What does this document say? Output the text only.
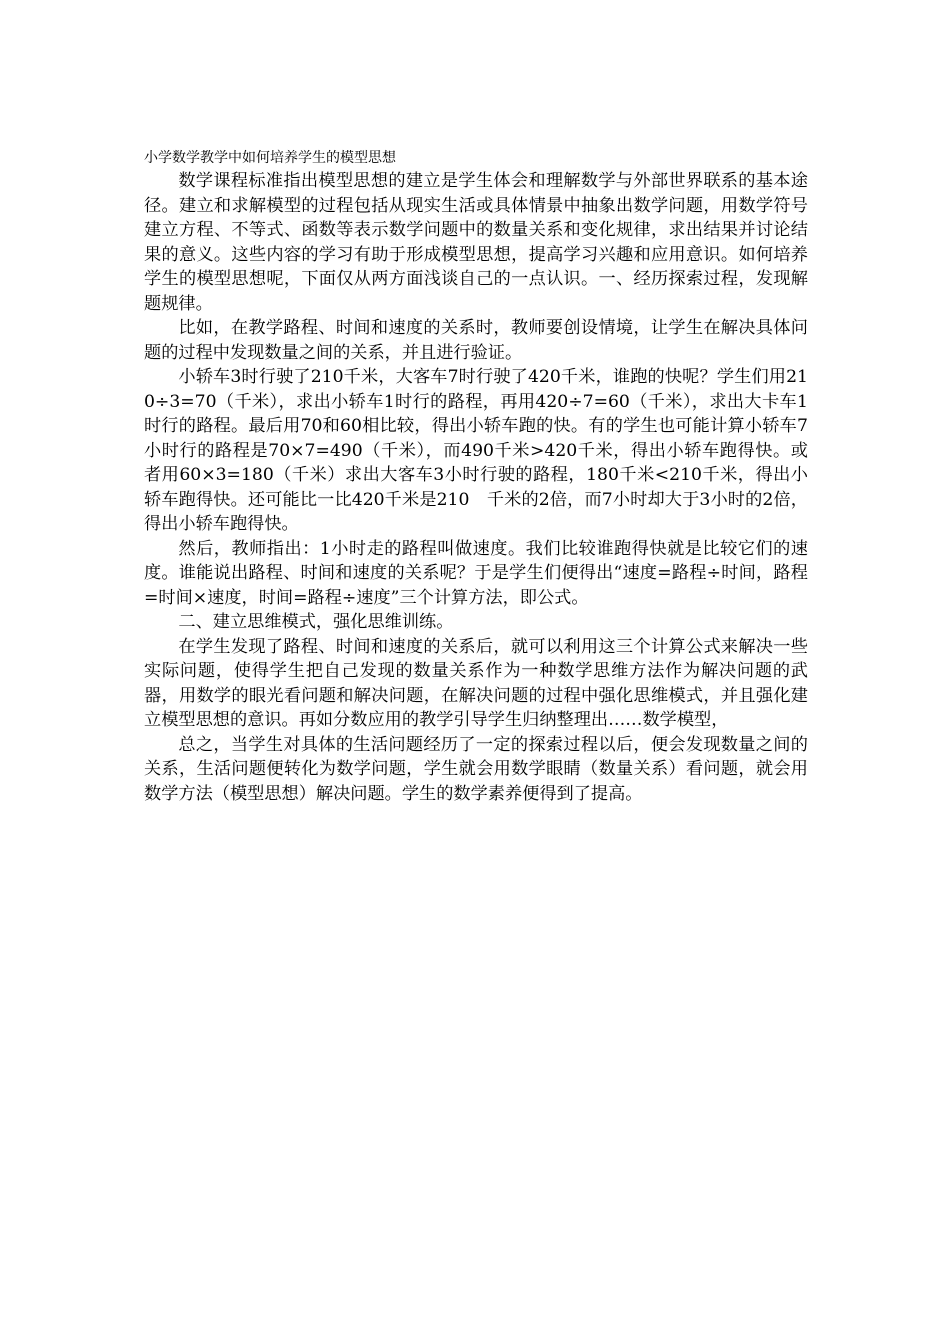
小学数学教学中如何培养学生的模型思想

数学课程标准指出模型思想的建立是学生体会和理解数学与外部世界联系的基本途径。建立和求解模型的过程包括从现实生活或具体情景中抽象出数学问题，用数学符号建立方程、不等式、函数等表示数学问题中的数量关系和变化规律，求出结果并讨论结果的意义。这些内容的学习有助于形成模型思想，提高学习兴趣和应用意识。如何培养学生的模型思想呢，下面仅从两方面浅谈自己的一点认识。一、经历探索过程，发现解题规律。

比如，在教学路程、时间和速度的关系时，教师要创设情境，让学生在解决具体问题的过程中发现数量之间的关系，并且进行验证。

小轿车3时行驶了210千米，大客车7时行驶了420千米，谁跑的快呢？学生们用210÷3=70（千米），求出小轿车1时行的路程，再用420÷7=60（千米），求出大卡车1时行的路程。最后用70和60相比较，得出小轿车跑的快。有的学生也可能计算小轿车7小时行的路程是70×7=490（千米），而490千米>420千米，得出小轿车跑得快。或者用60×3=180（千米）求出大客车3小时行驶的路程，180千米<210千米，得出小轿车跑得快。还可能比一比420千米是210　千米的2倍，而7小时却大于3小时的2倍，得出小轿车跑得快。

然后，教师指出：1小时走的路程叫做速度。我们比较谁跑得快就是比较它们的速度。谁能说出路程、时间和速度的关系呢？于是学生们便得出“速度=路程÷时间，路程=时间×速度，时间=路程÷速度”三个计算方法，即公式。

二、建立思维模式，强化思维训练。

在学生发现了路程、时间和速度的关系后，就可以利用这三个计算公式来解决一些实际问题，使得学生把自己发现的数量关系作为一种数学思维方法作为解决问题的武器，用数学的眼光看问题和解决问题，在解决问题的过程中强化思维模式，并且强化建立模型思想的意识。再如分数应用的教学引导学生归纳整理出……数学模型，

总之，当学生对具体的生活问题经历了一定的探索过程以后，便会发现数量之间的关系，生活问题便转化为数学问题，学生就会用数学眼睛（数量关系）看问题，就会用数学方法（模型思想）解决问题。学生的数学素养便得到了提高。
